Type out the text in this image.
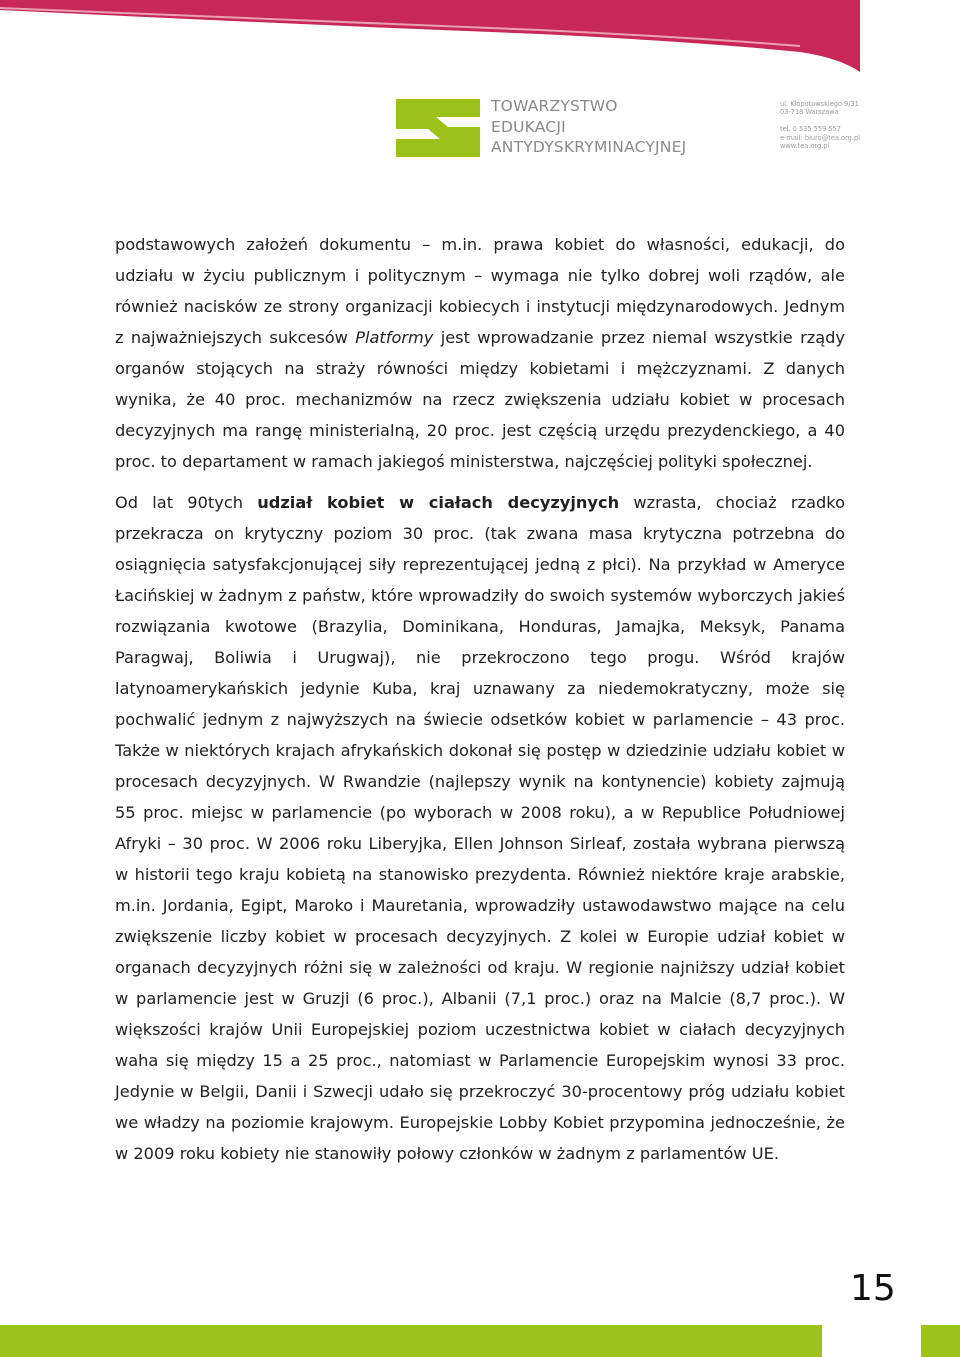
TOWARZYSTWO
EDUKACJI
ANTYDYSKRYMINACYJNEJ
ul. Kłopotowskiego 9/31
03-718 Warszawa
tel. 0 535 559 557
e-mail: biuro@tea.org.pl
www.tea.org.pl

podstawowych założeń dokumentu – m.in. prawa kobiet do własności, edukacji, do udziału w życiu publicznym i politycznym – wymaga nie tylko dobrej woli rządów, ale również nacisków ze strony organizacji kobiecych i instytucji międzynarodowych. Jednym z najważniejszych sukcesów Platformy jest wprowadzanie przez niemal wszystkie rządy organów stojących na straży równości między kobietami i mężczyznami. Z danych wynika, że 40 proc. mechanizmów na rzecz zwiększenia udziału kobiet w procesach decyzyjnych ma rangę ministerialną, 20 proc. jest częścią urzędu prezydenckiego, a 40 proc. to departament w ramach jakiegoś ministerstwa, najczęściej polityki społecznej.

Od lat 90tych udział kobiet w ciałach decyzyjnych wzrasta, chociaż rzadko przekracza on krytyczny poziom 30 proc. (tak zwana masa krytyczna potrzebna do osiągnięcia satysfakcjonującej siły reprezentującej jedną z płci). Na przykład w Ameryce Łacińskiej w żadnym z państw, które wprowadziły do swoich systemów wyborczych jakieś rozwiązania kwotowe (Brazylia, Dominikana, Honduras, Jamajka, Meksyk, Panama Paragwaj, Boliwia i Urugwaj), nie przekroczono tego progu. Wśród krajów latynoamerykańskich jedynie Kuba, kraj uznawany za niedemokratyczny, może się pochwalić jednym z najwyższych na świecie odsetków kobiet w parlamencie – 43 proc. Także w niektórych krajach afrykańskich dokonał się postęp w dziedzinie udziału kobiet w procesach decyzyjnych. W Rwandzie (najlepszy wynik na kontynencie) kobiety zajmują 55 proc. miejsc w parlamencie (po wyborach w 2008 roku), a w Republice Południowej Afryki – 30 proc. W 2006 roku Liberyjka, Ellen Johnson Sirleaf, została wybrana pierwszą w historii tego kraju kobietą na stanowisko prezydenta. Również niektóre kraje arabskie, m.in. Jordania, Egipt, Maroko i Mauretania, wprowadziły ustawodawstwo mające na celu zwiększenie liczby kobiet w procesach decyzyjnych. Z kolei w Europie udział kobiet w organach decyzyjnych różni się w zależności od kraju. W regionie najniższy udział kobiet w parlamencie jest w Gruzji (6 proc.), Albanii (7,1 proc.) oraz na Malcie (8,7 proc.). W większości krajów Unii Europejskiej poziom uczestnictwa kobiet w ciałach decyzyjnych waha się między 15 a 25 proc., natomiast w Parlamencie Europejskim wynosi 33 proc. Jedynie w Belgii, Danii i Szwecji udało się przekroczyć 30-procentowy próg udziału kobiet we władzy na poziomie krajowym. Europejskie Lobby Kobiet przypomina jednocześnie, że w 2009 roku kobiety nie stanowiły połowy członków w żadnym z parlamentów UE.

15
